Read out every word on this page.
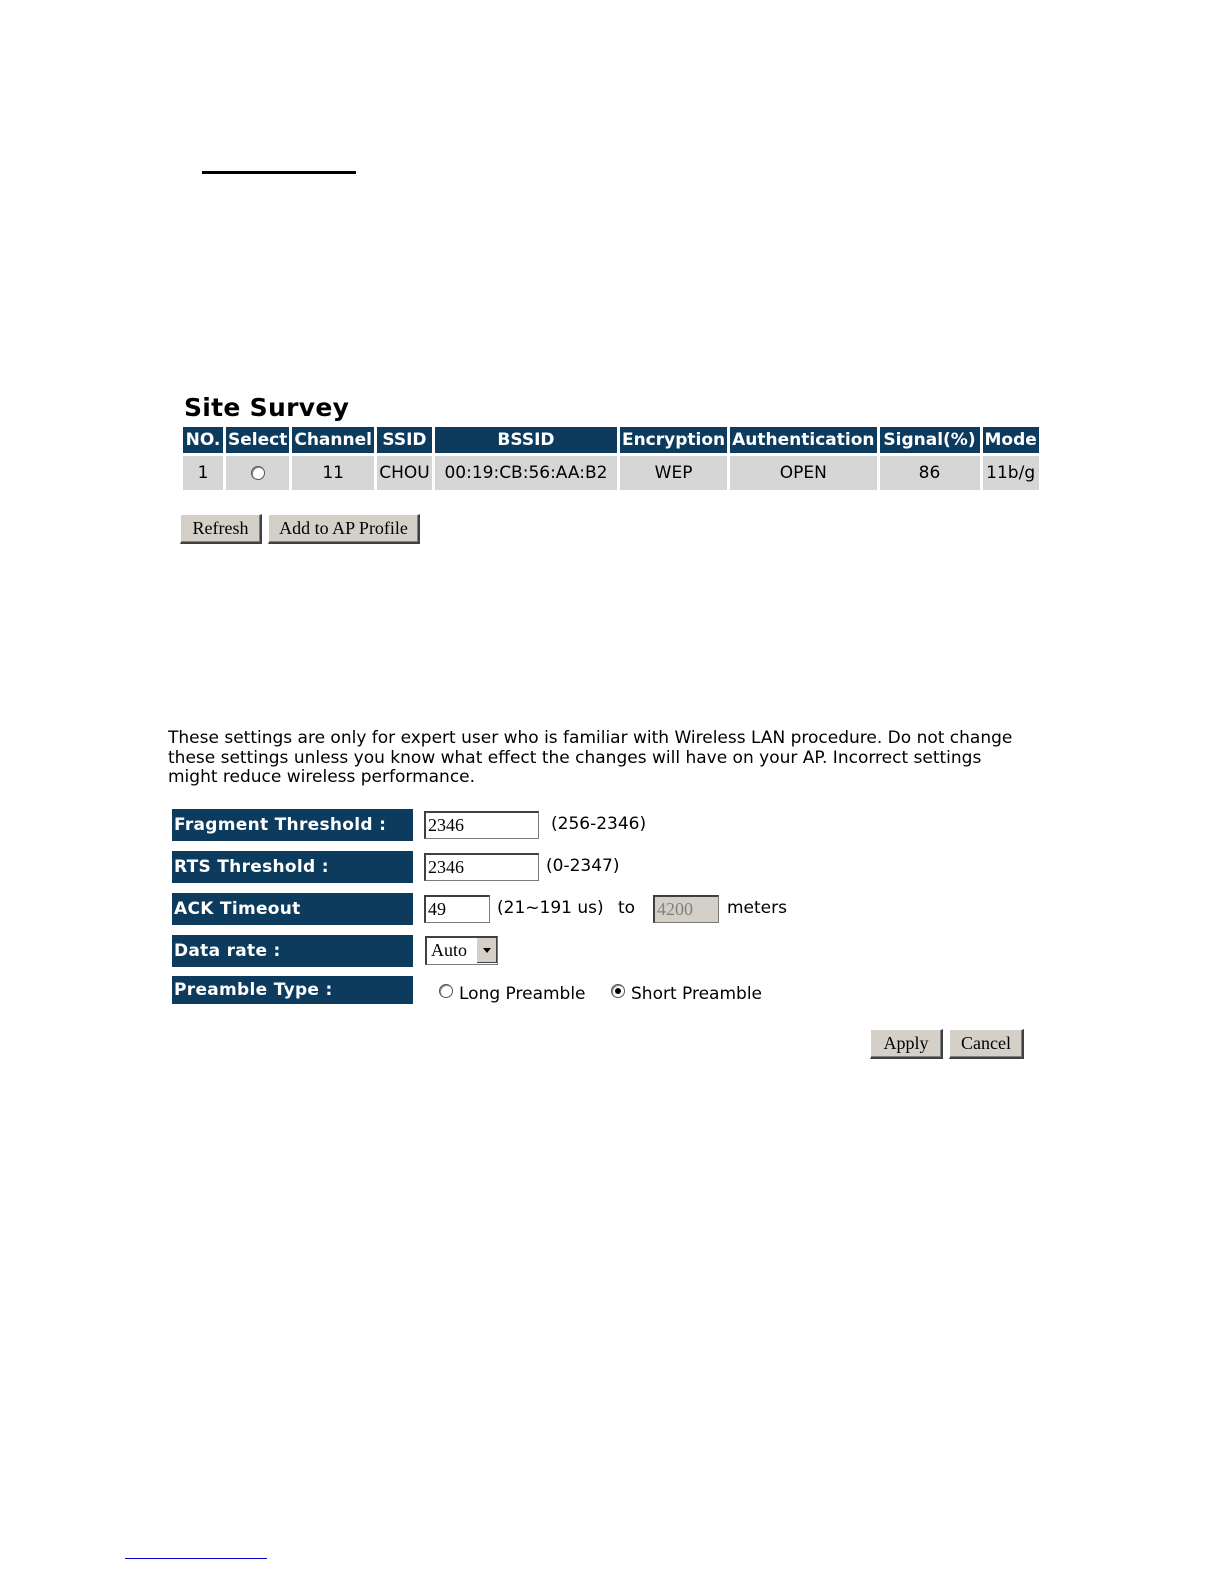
Site Survey
NO.	Select	Channel	SSID	BSSID	Encryption	Authentication	Signal(%)	Mode
1		11	CHOU	00:19:CB:56:AA:B2	WEP	OPEN	86	11b/g
Refresh	Add to AP Profile
These settings are only for expert user who is familiar with Wireless LAN procedure. Do not change these settings unless you know what effect the changes will have on your AP. Incorrect settings might reduce wireless performance.
Fragment Threshold :	2346	(256-2346)
RTS Threshold :	2346	(0-2347)
ACK Timeout	49	(21~191 us) to 4200	meters
Data rate :	Auto
Preamble Type :	Long Preamble	Short Preamble
Apply	Cancel
